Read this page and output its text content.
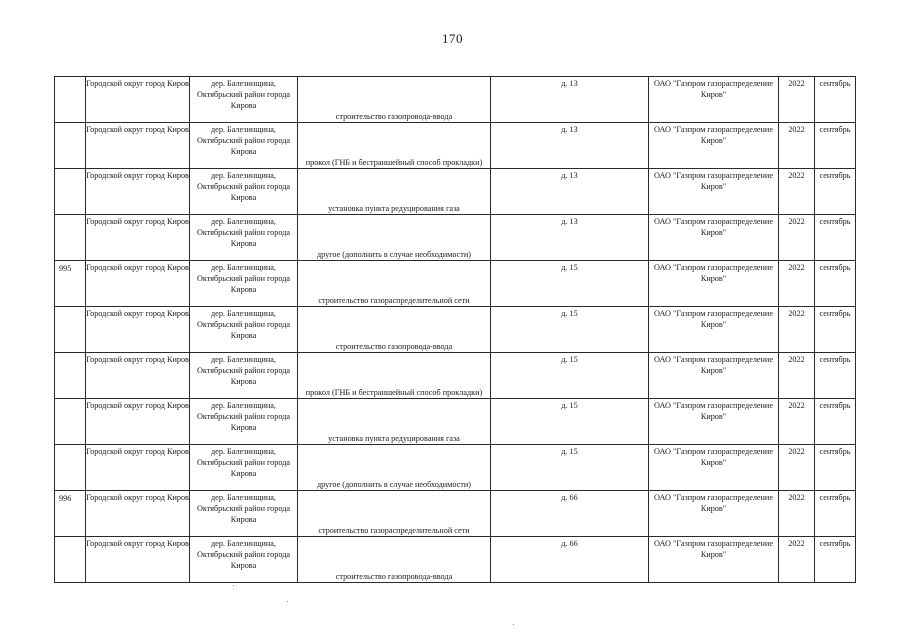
170
	Городской округ город Киров	дер. Балезинщина, Октябрьский район города Кирова	строительство газопровода-ввода	д. 13	ОАО "Газпром газораспределение Киров"	2022	сентябрь
	Городской округ город Киров	дер. Балезинщина, Октябрьский район города Кирова	прокол (ГНБ и бестраншейный способ прокладки)	д. 13	ОАО "Газпром газораспределение Киров"	2022	сентябрь
	Городской округ город Киров	дер. Балезинщина, Октябрьский район города Кирова	установка пункта редуцирования газа	д. 13	ОАО "Газпром газораспределение Киров"	2022	сентябрь
	Городской округ город Киров	дер. Балезинщина, Октябрьский район города Кирова	другое (дополнить в случае необходимости)	д. 13	ОАО "Газпром газораспределение Киров"	2022	сентябрь
995	Городской округ город Киров	дер. Балезинщина, Октябрьский район города Кирова	строительство газораспределительной сети	д. 15	ОАО "Газпром газораспределение Киров"	2022	сентябрь
	Городской округ город Киров	дер. Балезинщина, Октябрьский район города Кирова	строительство газопровода-ввода	д. 15	ОАО "Газпром газораспределение Киров"	2022	сентябрь
	Городской округ город Киров	дер. Балезинщина, Октябрьский район города Кирова	прокол (ГНБ и бестраншейный способ прокладки)	д. 15	ОАО "Газпром газораспределение Киров"	2022	сентябрь
	Городской округ город Киров	дер. Балезинщина, Октябрьский район города Кирова	установка пункта редуцирования газа	д. 15	ОАО "Газпром газораспределение Киров"	2022	сентябрь
	Городской округ город Киров	дер. Балезинщина, Октябрьский район города Кирова	другое (дополнить в случае необходимости)	д. 15	ОАО "Газпром газораспределение Киров"	2022	сентябрь
996	Городской округ город Киров	дер. Балезинщина, Октябрьский район города Кирова	строительство газораспределительной сети	д. 66	ОАО "Газпром газораспределение Киров"	2022	сентябрь
	Городской округ город Киров	дер. Балезинщина, Октябрьский район города Кирова	строительство газопровода-ввода	д. 66	ОАО "Газпром газораспределение Киров"	2022	сентябрь
